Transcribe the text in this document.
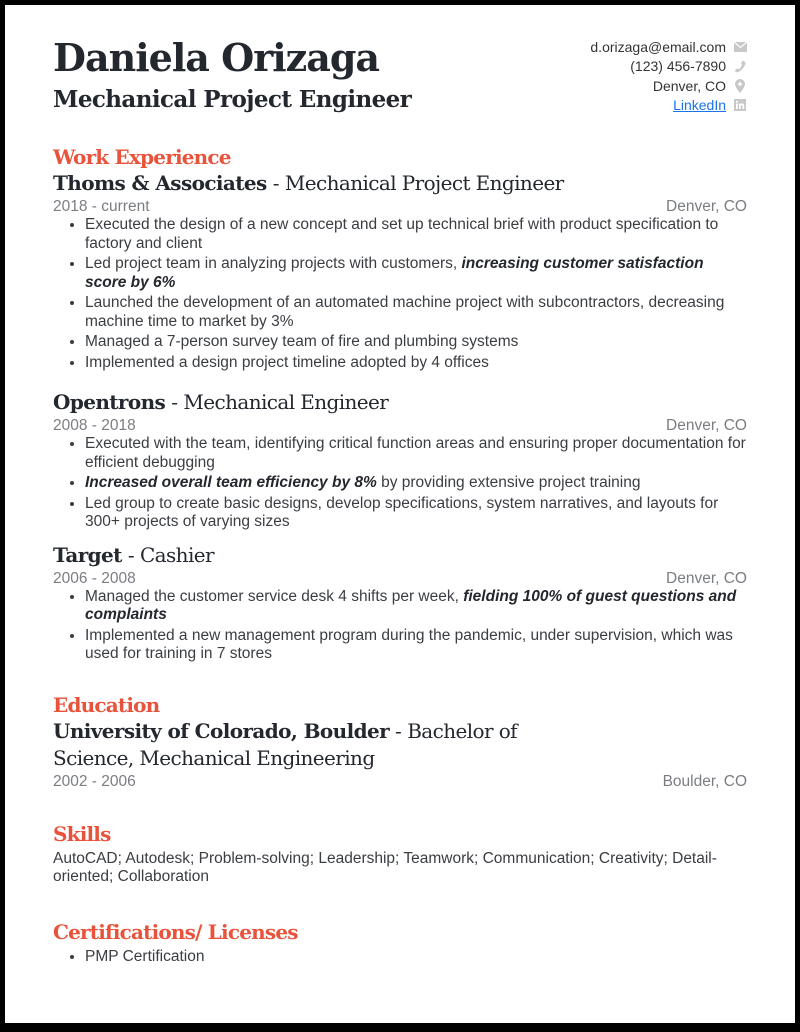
Daniela Orizaga
Mechanical Project Engineer
d.orizaga@email.com
(123) 456-7890
Denver, CO
LinkedIn
Work Experience
Thoms & Associates - Mechanical Project Engineer
2018 - current	Denver, CO
• Executed the design of a new concept and set up technical brief with product specification to factory and client
• Led project team in analyzing projects with customers, increasing customer satisfaction score by 6%
• Launched the development of an automated machine project with subcontractors, decreasing machine time to market by 3%
• Managed a 7-person survey team of fire and plumbing systems
• Implemented a design project timeline adopted by 4 offices
Opentrons - Mechanical Engineer
2008 - 2018	Denver, CO
• Executed with the team, identifying critical function areas and ensuring proper documentation for efficient debugging
• Increased overall team efficiency by 8% by providing extensive project training
• Led group to create basic designs, develop specifications, system narratives, and layouts for 300+ projects of varying sizes
Target - Cashier
2006 - 2008	Denver, CO
• Managed the customer service desk 4 shifts per week, fielding 100% of guest questions and complaints
• Implemented a new management program during the pandemic, under supervision, which was used for training in 7 stores
Education
University of Colorado, Boulder - Bachelor of Science, Mechanical Engineering
2002 - 2006	Boulder, CO
Skills
AutoCAD; Autodesk; Problem-solving; Leadership; Teamwork; Communication; Creativity; Detail-oriented; Collaboration
Certifications/ Licenses
• PMP Certification
